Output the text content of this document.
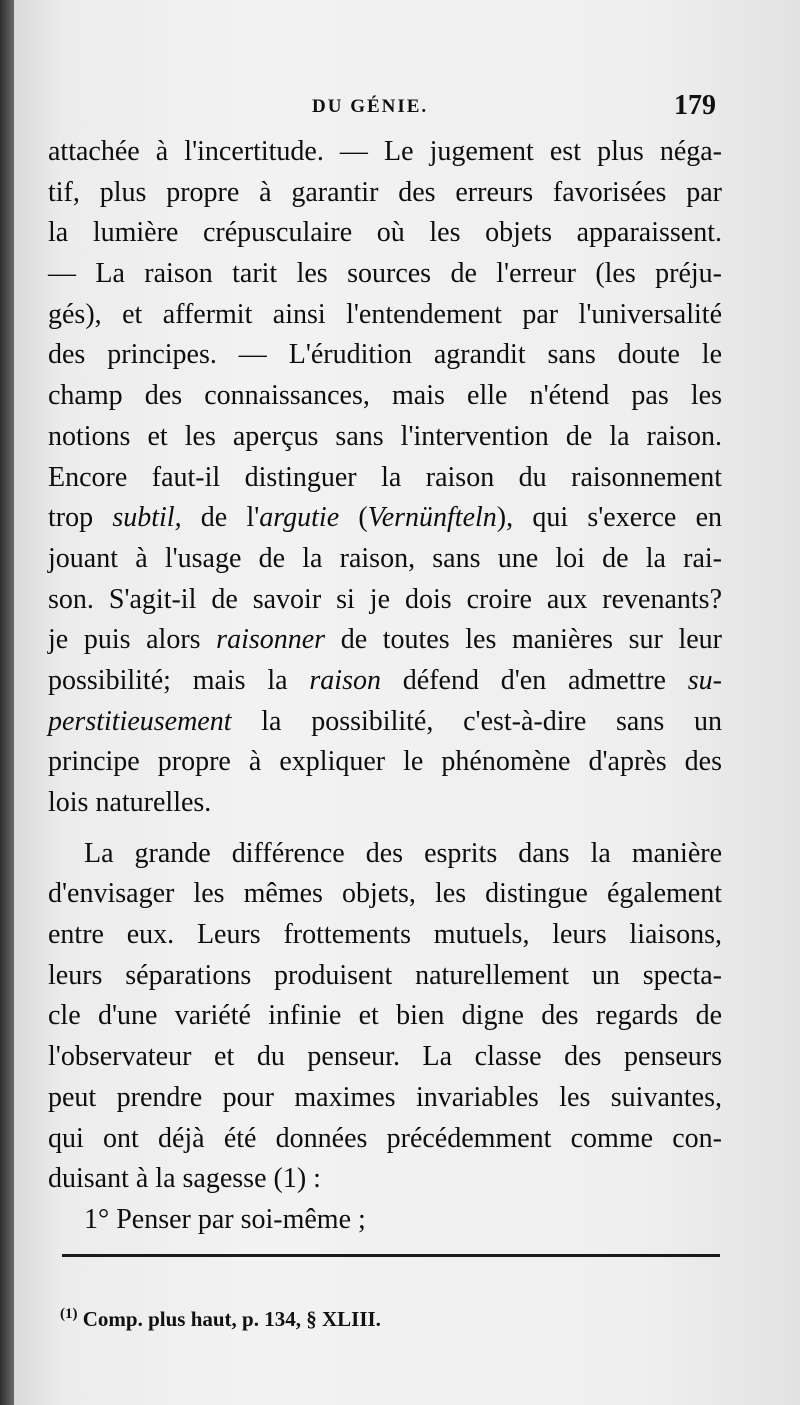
DU GÉNIE.	179
attachée à l'incertitude. — Le jugement est plus néga-
tif, plus propre à garantir des erreurs favorisées par
la lumière crépusculaire où les objets apparaissent.
— La raison tarit les sources de l'erreur (les préju-
gés), et affermit ainsi l'entendement par l'universalité
des principes. — L'érudition agrandit sans doute le
champ des connaissances, mais elle n'étend pas les
notions et les aperçus sans l'intervention de la raison.
Encore faut-il distinguer la raison du raisonnement
trop subtil, de l'argutie (Vernünfteln), qui s'exerce en
jouant à l'usage de la raison, sans une loi de la rai-
son. S'agit-il de savoir si je dois croire aux revenants?
je puis alors raisonner de toutes les manières sur leur
possibilité; mais la raison défend d'en admettre su-
perstitieusement la possibilité, c'est-à-dire sans un
principe propre à expliquer le phénomène d'après des
lois naturelles.
La grande différence des esprits dans la manière
d'envisager les mêmes objets, les distingue également
entre eux. Leurs frottements mutuels, leurs liaisons,
leurs séparations produisent naturellement un specta-
cle d'une variété infinie et bien digne des regards de
l'observateur et du penseur. La classe des penseurs
peut prendre pour maximes invariables les suivantes,
qui ont déjà été données précédemment comme con-
duisant à la sagesse (1) :
1° Penser par soi-même ;
$^{(1)}$ Comp. plus haut, p. 134, § XLIII.
